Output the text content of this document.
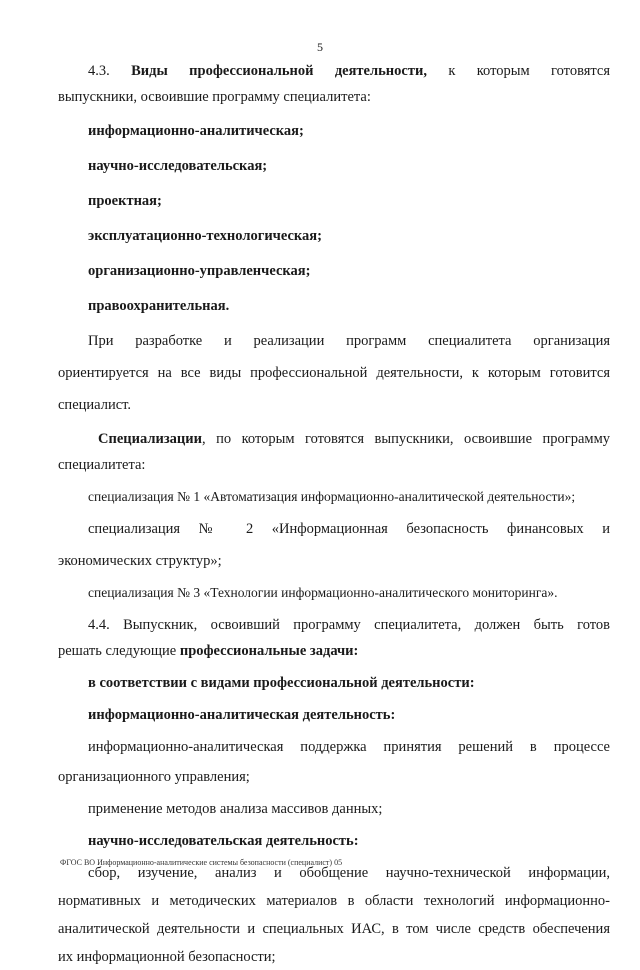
5

4.3. Виды профессиональной деятельности, к которым готовятся

выпускники, освоившие программу специалитета:

информационно-аналитическая;

научно-исследовательская;

проектная;

эксплуатационно-технологическая;

организационно-управленческая;

правоохранительная.

При разработке и реализации программ специалитета организация

ориентируется на все виды профессиональной деятельности, к которым готовится

специалист.

Специализации, по которым готовятся выпускники, освоившие программу

специалитета:

специализация № 1 «Автоматизация информационно-аналитической деятельности»;

специализация № 2 «Информационная безопасность финансовых и

экономических структур»;

специализация № 3 «Технологии информационно-аналитического мониторинга».

4.4. Выпускник, освоивший программу специалитета, должен быть готов

решать следующие профессиональные задачи:

в соответствии с видами профессиональной деятельности:

информационно-аналитическая деятельность:

информационно-аналитическая поддержка принятия решений в процессе

организационного управления;

применение методов анализа массивов данных;

научно-исследовательская деятельность:

сбор, изучение, анализ и обобщение научно-технической информации,

нормативных и методических материалов в области технологий информационно-

аналитической деятельности и специальных ИАС, в том числе средств обеспечения

их информационной безопасности;

ФГОС ВО Информационно-аналитические системы безопасности (специалист) 05
